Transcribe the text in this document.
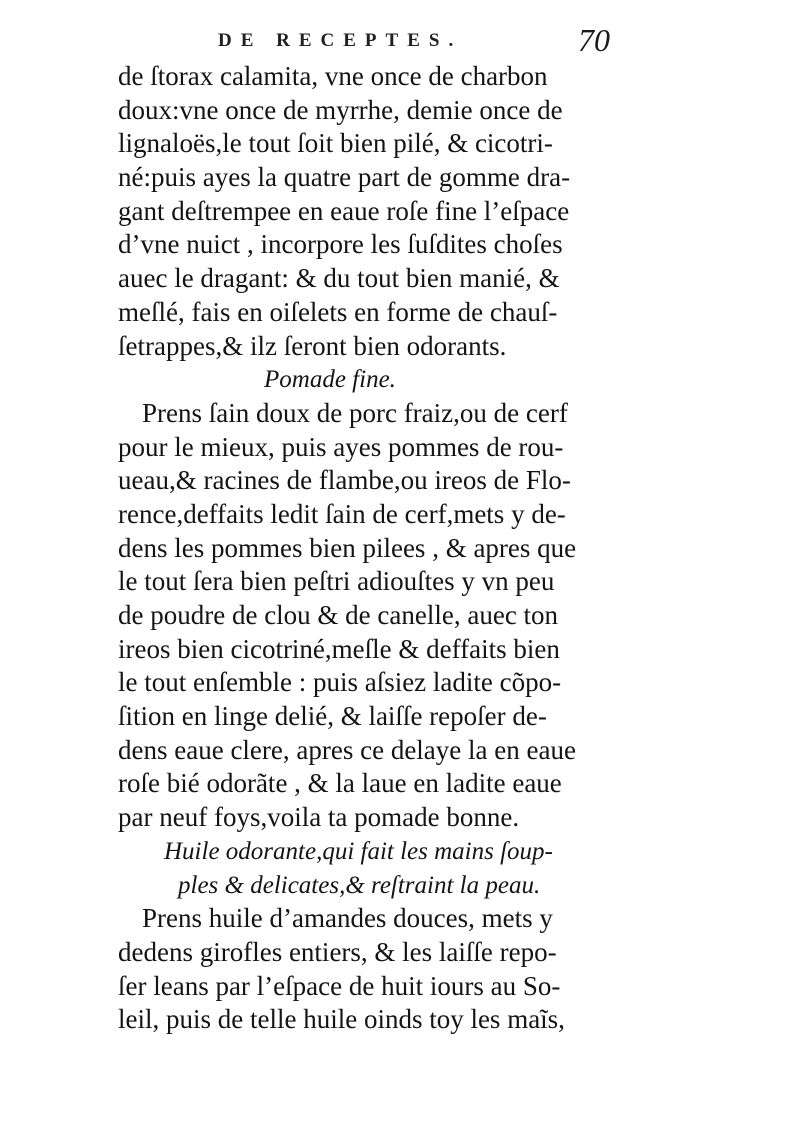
DE RECEPTES.	70
de ſtorax calamita, vne once de charbon
doux:vne once de myrrhe, demie once de
lignaloës,le tout ſoit bien pilé, & cicotri-
né:puis ayes la quatre part de gomme dra-
gant deſtrempee en eaue roſe fine l’eſpace
d’vne nuict , incorpore les ſuſdites choſes
auec le dragant: & du tout bien manié, &
meſlé, fais en oiſelets en forme de chauſ-
ſetrappes,& ilz ſeront bien odorants.
Pomade fine.
Prens ſain doux de porc fraiz,ou de cerf
pour le mieux, puis ayes pommes de rou-
ueau,& racines de flambe,ou ireos de Flo-
rence,deffaits ledit ſain de cerf,mets y de-
dens les pommes bien pilees , & apres que
le tout ſera bien peſtri adiouſtes y vn peu
de poudre de clou & de canelle, auec ton
ireos bien cicotriné,meſle & deffaits bien
le tout enſemble : puis aſsiez ladite cõpo-
ſition en linge delié, & laiſſe repoſer de-
dens eaue clere, apres ce delaye la en eaue
roſe bié odorãte , & la laue en ladite eaue
par neuf foys,voila ta pomade bonne.
Huile odorante,qui fait les mains ſoup-
ples & delicates,& reſtraint la peau.
Prens huile d’amandes douces, mets y
dedens girofles entiers, & les laiſſe repo-
ſer leans par l’eſpace de huit iours au So-
leil, puis de telle huile oinds toy les maĩs,
